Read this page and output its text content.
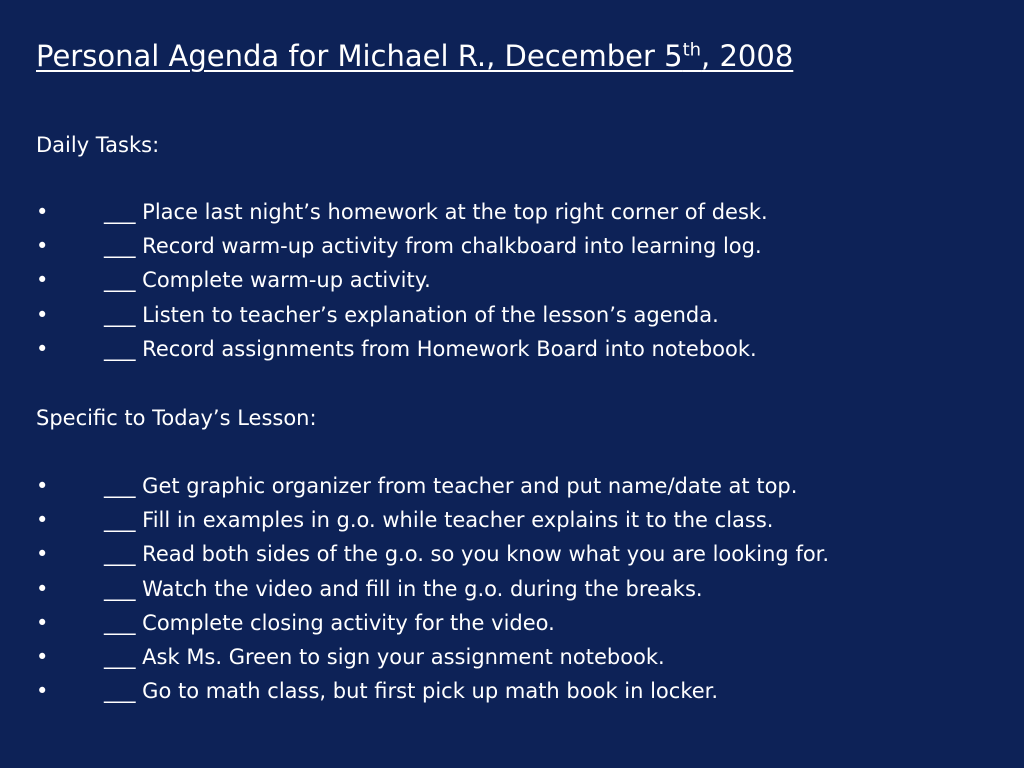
Personal Agenda for Michael R., December 5th, 2008

Daily Tasks:

•	___ Place last night’s homework at the top right corner of desk.
•	___ Record warm-up activity from chalkboard into learning log.
•	___ Complete warm-up activity.
•	___ Listen to teacher’s explanation of the lesson’s agenda.
•	___ Record assignments from Homework Board into notebook.

Specific to Today’s Lesson:

•	___ Get graphic organizer from teacher and put name/date at top.
•	___ Fill in examples in g.o. while teacher explains it to the class.
•	___ Read both sides of the g.o. so you know what you are looking for.
•	___ Watch the video and fill in the g.o. during the breaks.
•	___ Complete closing activity for the video.
•	___ Ask Ms. Green to sign your assignment notebook.
•	___ Go to math class, but first pick up math book in locker.
